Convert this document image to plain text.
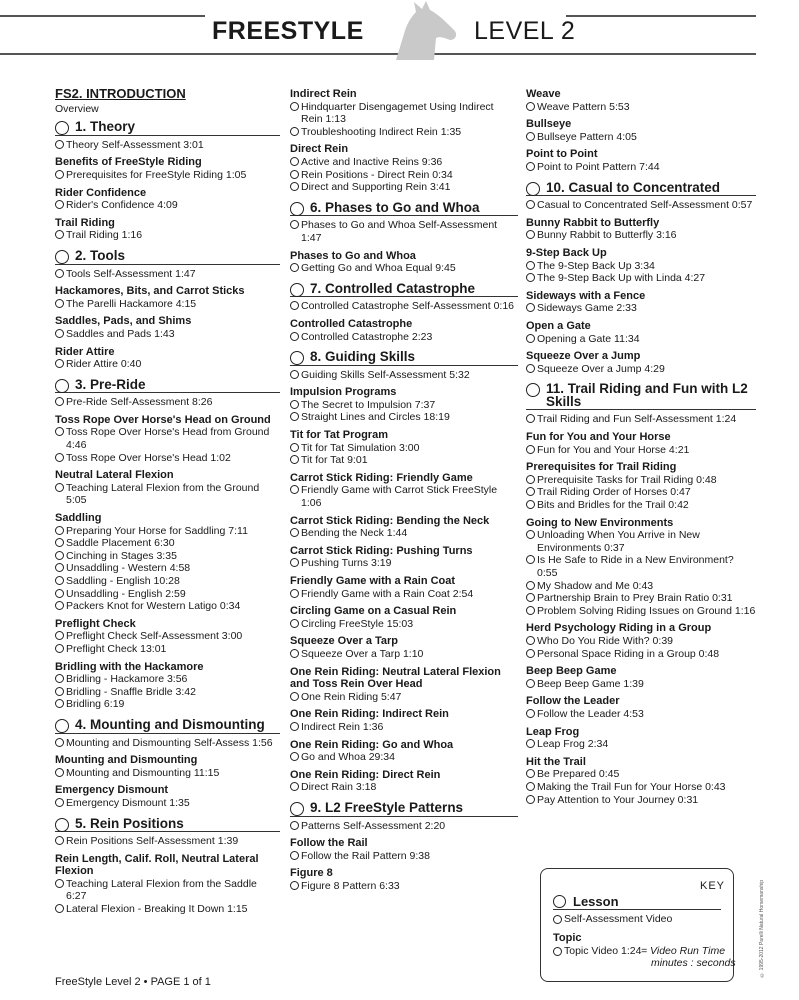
FREESTYLE	LEVEL 2
FS2. INTRODUCTION
Overview
1. Theory
Theory Self-Assessment 3:01
Benefits of FreeStyle Riding
Prerequisites for FreeStyle Riding 1:05
Rider Confidence
Rider's Confidence 4:09
Trail Riding
Trail Riding 1:16
2. Tools
Tools Self-Assessment 1:47
Hackamores, Bits, and Carrot Sticks
The Parelli Hackamore 4:15
Saddles, Pads, and Shims
Saddles and Pads 1:43
Rider Attire
Rider Attire 0:40
3. Pre-Ride
Pre-Ride Self-Assessment 8:26
Toss Rope Over Horse's Head on Ground
Toss Rope Over Horse's Head from Ground 4:46
Toss Rope Over Horse's Head 1:02
Neutral Lateral Flexion
Teaching Lateral Flexion from the Ground 5:05
Saddling
Preparing Your Horse for Saddling 7:11
Saddle Placement 6:30
Cinching in Stages 3:35
Unsaddling - Western 4:58
Saddling - English 10:28
Unsaddling - English 2:59
Packers Knot for Western Latigo 0:34
Preflight Check
Preflight Check Self-Assessment 3:00
Preflight Check 13:01
Bridling with the Hackamore
Bridling - Hackamore 3:56
Bridling - Snaffle Bridle 3:42
Bridling 6:19
4. Mounting and Dismounting
Mounting and Dismounting Self-Assess 1:56
Mounting and Dismounting
Mounting and Dismounting 11:15
Emergency Dismount
Emergency Dismount 1:35
5. Rein Positions
Rein Positions Self-Assessment 1:39
Rein Length, Calif. Roll, Neutral Lateral Flexion
Teaching Lateral Flexion from the Saddle 6:27
Lateral Flexion - Breaking It Down 1:15
Indirect Rein
Hindquarter Disengagemet Using Indirect Rein 1:13
Troubleshooting Indirect Rein 1:35
Direct Rein
Active and Inactive Reins 9:36
Rein Positions - Direct Rein 0:34
Direct and Supporting Rein 3:41
6. Phases to Go and Whoa
Phases to Go and Whoa Self-Assessment 1:47
Phases to Go and Whoa
Getting Go and Whoa Equal 9:45
7. Controlled Catastrophe
Controlled Catastrophe Self-Assessment 0:16
Controlled Catastrophe
Controlled Catastrophe 2:23
8. Guiding Skills
Guiding Skills Self-Assessment 5:32
Impulsion Programs
The Secret to Impulsion 7:37
Straight Lines and Circles 18:19
Tit for Tat Program
Tit for Tat Simulation 3:00
Tit for Tat 9:01
Carrot Stick Riding: Friendly Game
Friendly Game with Carrot Stick FreeStyle 1:06
Carrot Stick Riding: Bending the Neck
Bending the Neck 1:44
Carrot Stick Riding: Pushing Turns
Pushing Turns 3:19
Friendly Game with a Rain Coat
Friendly Game with a Rain Coat 2:54
Circling Game on a Casual Rein
Circling FreeStyle 15:03
Squeeze Over a Tarp
Squeeze Over a Tarp 1:10
One Rein Riding: Neutral Lateral Flexion and Toss Rein Over Head
One Rein Riding 5:47
One Rein Riding: Indirect Rein
Indirect Rein 1:36
One Rein Riding: Go and Whoa
Go and Whoa 29:34
One Rein Riding: Direct Rein
Direct Rain 3:18
9. L2 FreeStyle Patterns
Patterns Self-Assessment 2:20
Follow the Rail
Follow the Rail Pattern 9:38
Figure 8
Figure 8 Pattern 6:33
Weave
Weave Pattern 5:53
Bullseye
Bullseye Pattern 4:05
Point to Point
Point to Point Pattern 7:44
10. Casual to Concentrated
Casual to Concentrated Self-Assessment 0:57
Bunny Rabbit to Butterfly
Bunny Rabbit to Butterfly 3:16
9-Step Back Up
The 9-Step Back Up 3:34
The 9-Step Back Up with Linda 4:27
Sideways with a Fence
Sideways Game 2:33
Open a Gate
Opening a Gate 11:34
Squeeze Over a Jump
Squeeze Over a Jump 4:29
11. Trail Riding and Fun with L2 Skills
Trail Riding and Fun Self-Assessment 1:24
Fun for You and Your Horse
Fun for You and Your Horse 4:21
Prerequisites for Trail Riding
Prerequisite Tasks for Trail Riding 0:48
Trail Riding Order of Horses 0:47
Bits and Bridles for the Trail 0:42
Going to New Environments
Unloading When You Arrive in New Environments 0:37
Is He Safe to Ride in a New Environment? 0:55
My Shadow and Me 0:43
Partnership Brain to Prey Brain Ratio 0:31
Problem Solving Riding Issues on Ground 1:16
Herd Psychology Riding in a Group
Who Do You Ride With? 0:39
Personal Space Riding in a Group 0:48
Beep Beep Game
Beep Beep Game 1:39
Follow the Leader
Follow the Leader 4:53
Leap Frog
Leap Frog 2:34
Hit the Trail
Be Prepared 0:45
Making the Trail Fun for Your Horse 0:43
Pay Attention to Your Journey 0:31
KEY
Lesson
Self-Assessment Video
Topic
Topic Video 1:24 = Video Run Time
minutes : seconds	© 1995-2012 Parelli Natural Horsemanship
FreeStyle Level 2 • PAGE 1 of 1
